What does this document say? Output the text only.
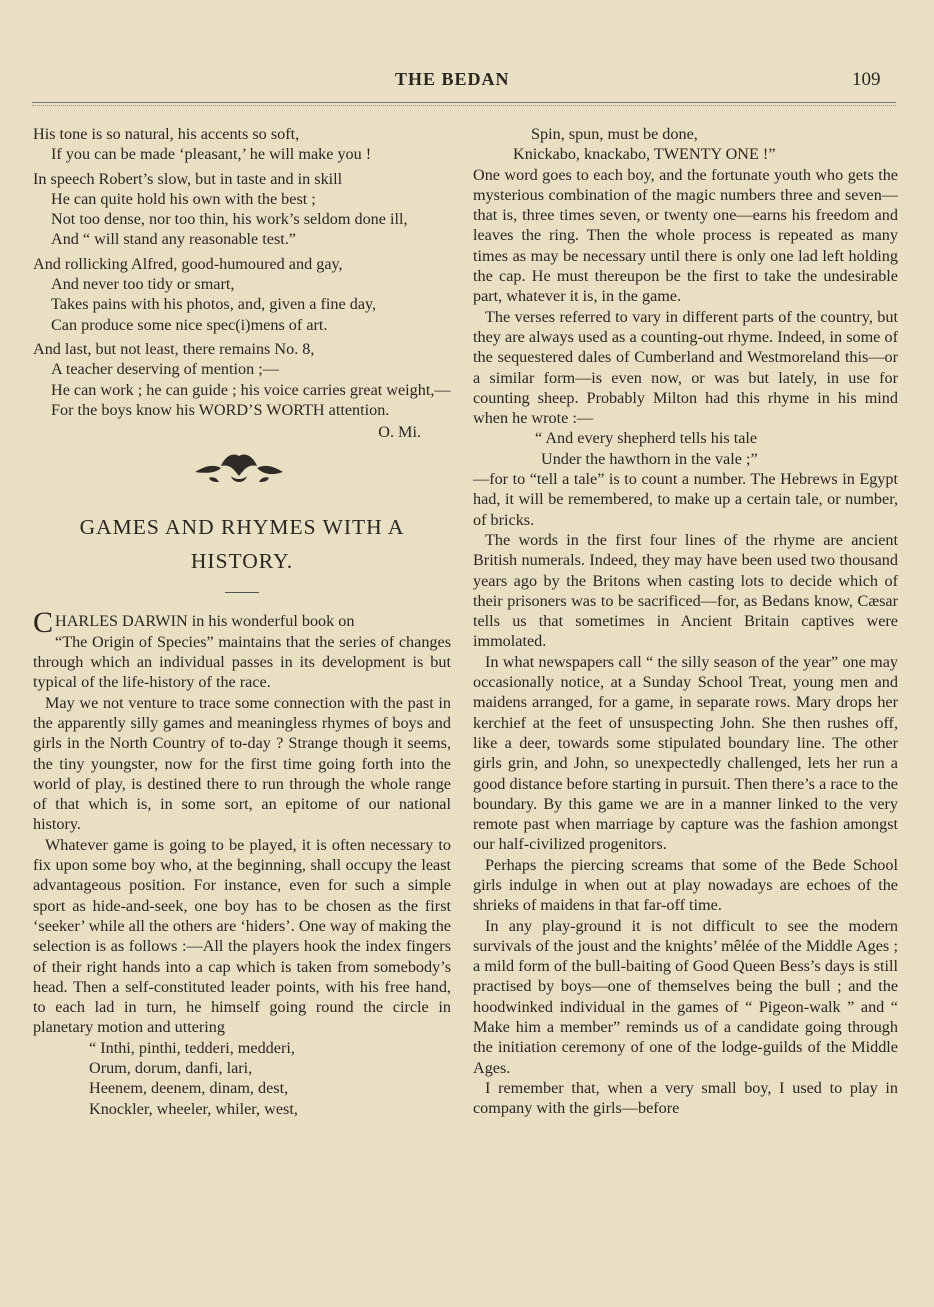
THE BEDAN	109

His tone is so natural, his accents so soft,

If you can be made ‘pleasant,’ he will make you !

In speech Robert’s slow, but in taste and in skill

He can quite hold his own with the best ;

Not too dense, nor too thin, his work’s seldom done ill,

And “ will stand any reasonable test.”

And rollicking Alfred, good-humoured and gay,

And never too tidy or smart,

Takes pains with his photos, and, given a fine day,

Can produce some nice spec(i)mens of art.

And last, but not least, there remains No. 8,

A teacher deserving of mention ;—

He can work ; he can guide ; his voice carries great weight,—

For the boys know his WORD’S WORTH attention.

O. Mi.

GAMES AND RHYMES WITH A

HISTORY.

CHARLES DARWIN in his wonderful book on

“The Origin of Species” maintains that the series of changes through which an individual passes in its development is but typical of the life-history of the race.

May we not venture to trace some connection with the past in the apparently silly games and meaningless rhymes of boys and girls in the North Country of to-day ? Strange though it seems, the tiny youngster, now for the first time going forth into the world of play, is destined there to run through the whole range of that which is, in some sort, an epitome of our national history.

Whatever game is going to be played, it is often necessary to fix upon some boy who, at the beginning, shall occupy the least advantageous position. For instance, even for such a simple sport as hide-and-seek, one boy has to be chosen as the first ‘seeker’ while all the others are ‘hiders’. One way of making the selection is as follows :—All the players hook the index fingers of their right hands into a cap which is taken from somebody’s head. Then a self-constituted leader points, with his free hand, to each lad in turn, he himself going round the circle in planetary motion and uttering

“ Inthi, pinthi, tedderi, medderi,

Orum, dorum, danfi, lari,

Heenem, deenem, dinam, dest,

Knockler, wheeler, whiler, west,

Spin, spun, must be done,

Knickabo, knackabo, TWENTY ONE !”

One word goes to each boy, and the fortunate youth who gets the mysterious combination of the magic numbers three and seven—that is, three times seven, or twenty one—earns his freedom and leaves the ring. Then the whole process is repeated as many times as may be necessary until there is only one lad left holding the cap. He must thereupon be the first to take the undesirable part, whatever it is, in the game.

The verses referred to vary in different parts of the country, but they are always used as a counting-out rhyme. Indeed, in some of the sequestered dales of Cumberland and Westmoreland this—or a similar form—is even now, or was but lately, in use for counting sheep. Probably Milton had this rhyme in his mind when he wrote :—

“ And every shepherd tells his tale

Under the hawthorn in the vale ;”

—for to “tell a tale” is to count a number. The Hebrews in Egypt had, it will be remembered, to make up a certain tale, or number, of bricks.

The words in the first four lines of the rhyme are ancient British numerals. Indeed, they may have been used two thousand years ago by the Britons when casting lots to decide which of their prisoners was to be sacrificed—for, as Bedans know, Cæsar tells us that sometimes in Ancient Britain captives were immolated.

In what newspapers call “ the silly season of the year” one may occasionally notice, at a Sunday School Treat, young men and maidens arranged, for a game, in separate rows. Mary drops her kerchief at the feet of unsuspecting John. She then rushes off, like a deer, towards some stipulated boundary line. The other girls grin, and John, so unexpectedly challenged, lets her run a good distance before starting in pursuit. Then there’s a race to the boundary. By this game we are in a manner linked to the very remote past when marriage by capture was the fashion amongst our half-civilized progenitors.

Perhaps the piercing screams that some of the Bede School girls indulge in when out at play nowadays are echoes of the shrieks of maidens in that far-off time.

In any play-ground it is not difficult to see the modern survivals of the joust and the knights’ mêlée of the Middle Ages ; a mild form of the bull-baiting of Good Queen Bess’s days is still practised by boys—one of themselves being the bull ; and the hoodwinked individual in the games of “ Pigeon-walk ” and “ Make him a member” reminds us of a candidate going through the initiation ceremony of one of the lodge-guilds of the Middle Ages.

I remember that, when a very small boy, I used to play in company with the girls—before
